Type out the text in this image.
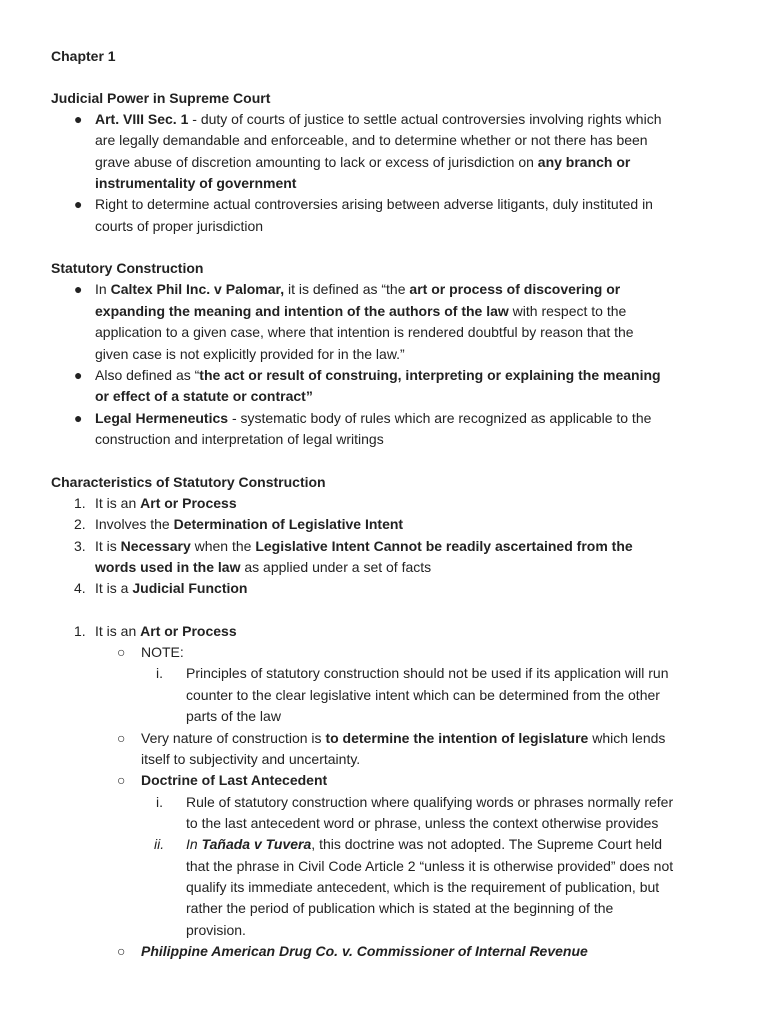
Chapter 1
Judicial Power in Supreme Court
● Art. VIII Sec. 1 - duty of courts of justice to settle actual controversies involving rights which
are legally demandable and enforceable, and to determine whether or not there has been
grave abuse of discretion amounting to lack or excess of jurisdiction on any branch or
instrumentality of government
● Right to determine actual controversies arising between adverse litigants, duly instituted in
courts of proper jurisdiction
Statutory Construction
● In Caltex Phil Inc. v Palomar, it is defined as “the art or process of discovering or
expanding the meaning and intention of the authors of the law with respect to the
application to a given case, where that intention is rendered doubtful by reason that the
given case is not explicitly provided for in the law.”
● Also defined as “the act or result of construing, interpreting or explaining the meaning
or effect of a statute or contract”
● Legal Hermeneutics - systematic body of rules which are recognized as applicable to the
construction and interpretation of legal writings
Characteristics of Statutory Construction
1. It is an Art or Process
2. Involves the Determination of Legislative Intent
3. It is Necessary when the Legislative Intent Cannot be readily ascertained from the
words used in the law as applied under a set of facts
4. It is a Judicial Function
1. It is an Art or Process
○ NOTE:
i. Principles of statutory construction should not be used if its application will run
counter to the clear legislative intent which can be determined from the other
parts of the law
○ Very nature of construction is to determine the intention of legislature which lends
itself to subjectivity and uncertainty.
○ Doctrine of Last Antecedent
i. Rule of statutory construction where qualifying words or phrases normally refer
to the last antecedent word or phrase, unless the context otherwise provides
ii. In Tañada v Tuvera, this doctrine was not adopted. The Supreme Court held
that the phrase in Civil Code Article 2 “unless it is otherwise provided” does not
qualify its immediate antecedent, which is the requirement of publication, but
rather the period of publication which is stated at the beginning of the
provision.
○ Philippine American Drug Co. v. Commissioner of Internal Revenue
